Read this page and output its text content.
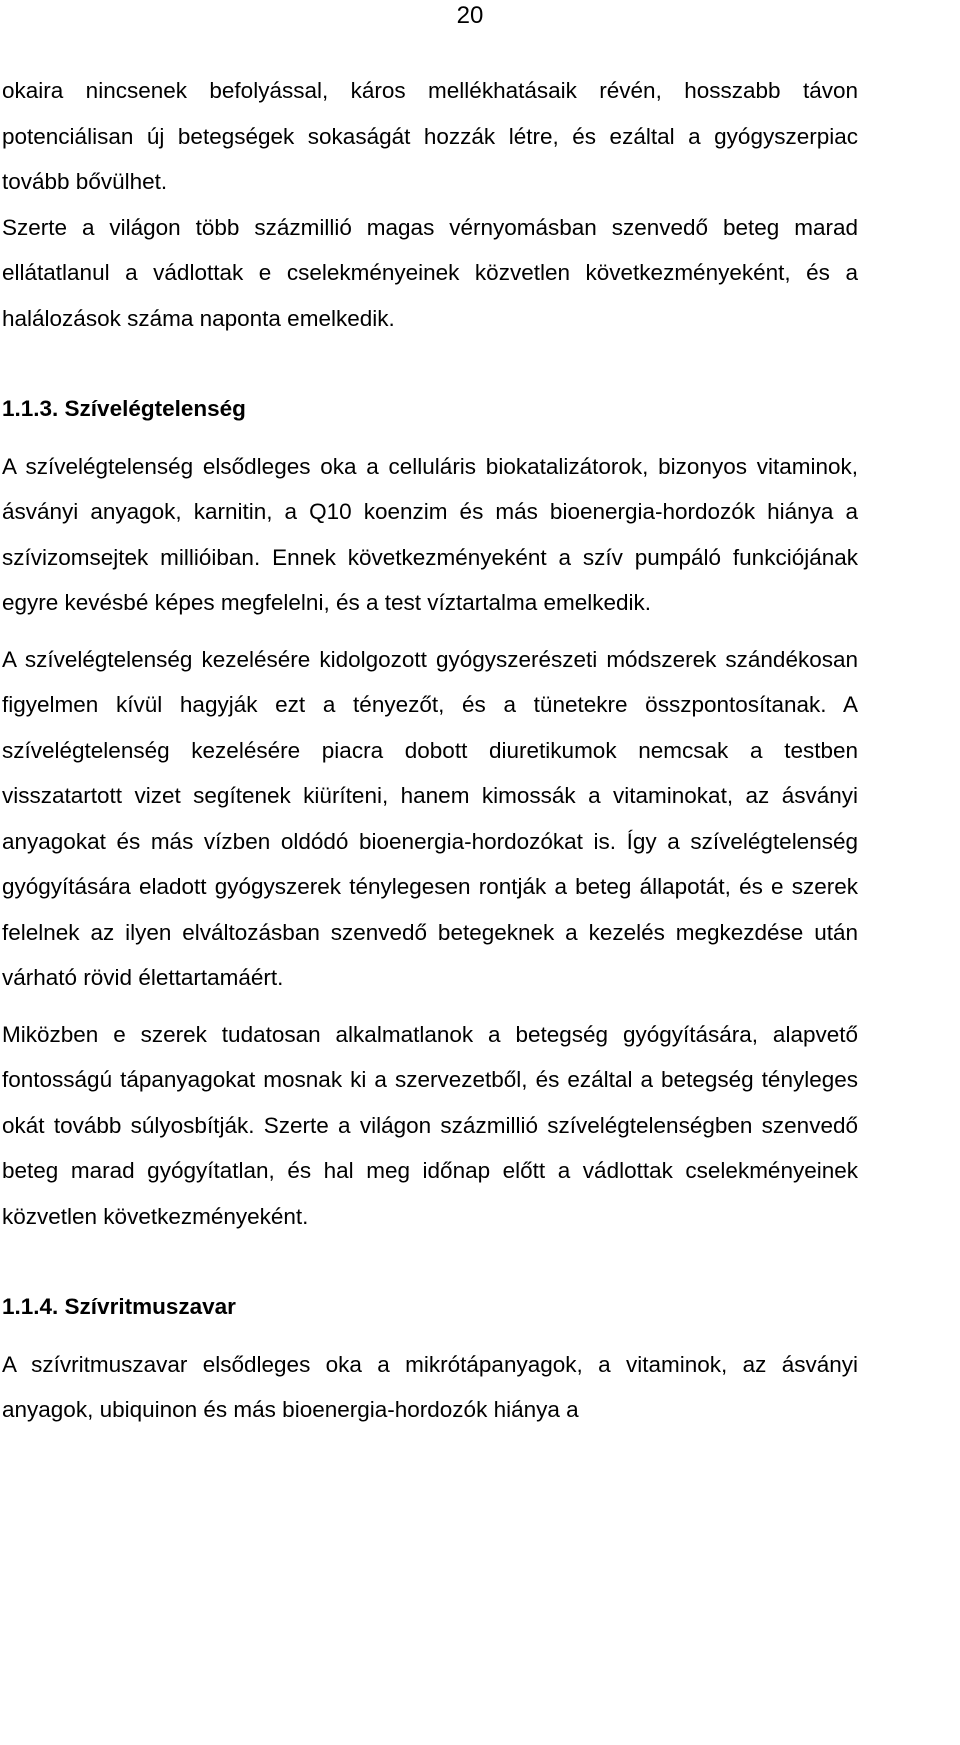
20

okaira nincsenek befolyással, káros mellékhatásaik révén, hosszabb távon potenciálisan új betegségek sokaságát hozzák létre, és ezáltal a gyógyszerpiac tovább bővülhet.

Szerte a világon több százmillió magas vérnyomásban szenvedő beteg marad ellátatlanul a vádlottak e cselekményeinek közvetlen következményeként, és a halálozások száma naponta emelkedik.

1.1.3. Szívelégtelenség

A szívelégtelenség elsődleges oka a celluláris biokatalizátorok, bizonyos vitaminok, ásványi anyagok, karnitin, a Q10 koenzim és más bioenergia-hordozók hiánya a szívizomsejtek millióiban. Ennek következményeként a szív pumpáló funkciójának egyre kevésbé képes megfelelni, és a test víztartalma emelkedik.

A szívelégtelenség kezelésére kidolgozott gyógyszerészeti módszerek szándékosan figyelmen kívül hagyják ezt a tényezőt, és a tünetekre összpontosítanak. A szívelégtelenség kezelésére piacra dobott diuretikumok nemcsak a testben visszatartott vizet segítenek kiüríteni, hanem kimossák a vitaminokat, az ásványi anyagokat és más vízben oldódó bioenergia-hordozókat is. Így a szívelégtelenség gyógyítására eladott gyógyszerek ténylegesen rontják a beteg állapotát, és e szerek felelnek az ilyen elváltozásban szenvedő betegeknek a kezelés megkezdése után várható rövid élettartamáért.

Miközben e szerek tudatosan alkalmatlanok a betegség gyógyítására, alapvető fontosságú tápanyagokat mosnak ki a szervezetből, és ezáltal a betegség tényleges okát tovább súlyosbítják. Szerte a világon százmillió szívelégtelenségben szenvedő beteg marad gyógyítatlan, és hal meg időnap előtt a vádlottak cselekményeinek közvetlen következményeként.

1.1.4. Szívritmuszavar

A szívritmuszavar elsődleges oka a mikrótápanyagok, a vitaminok, az ásványi anyagok, ubiquinon és más bioenergia-hordozók hiánya a
